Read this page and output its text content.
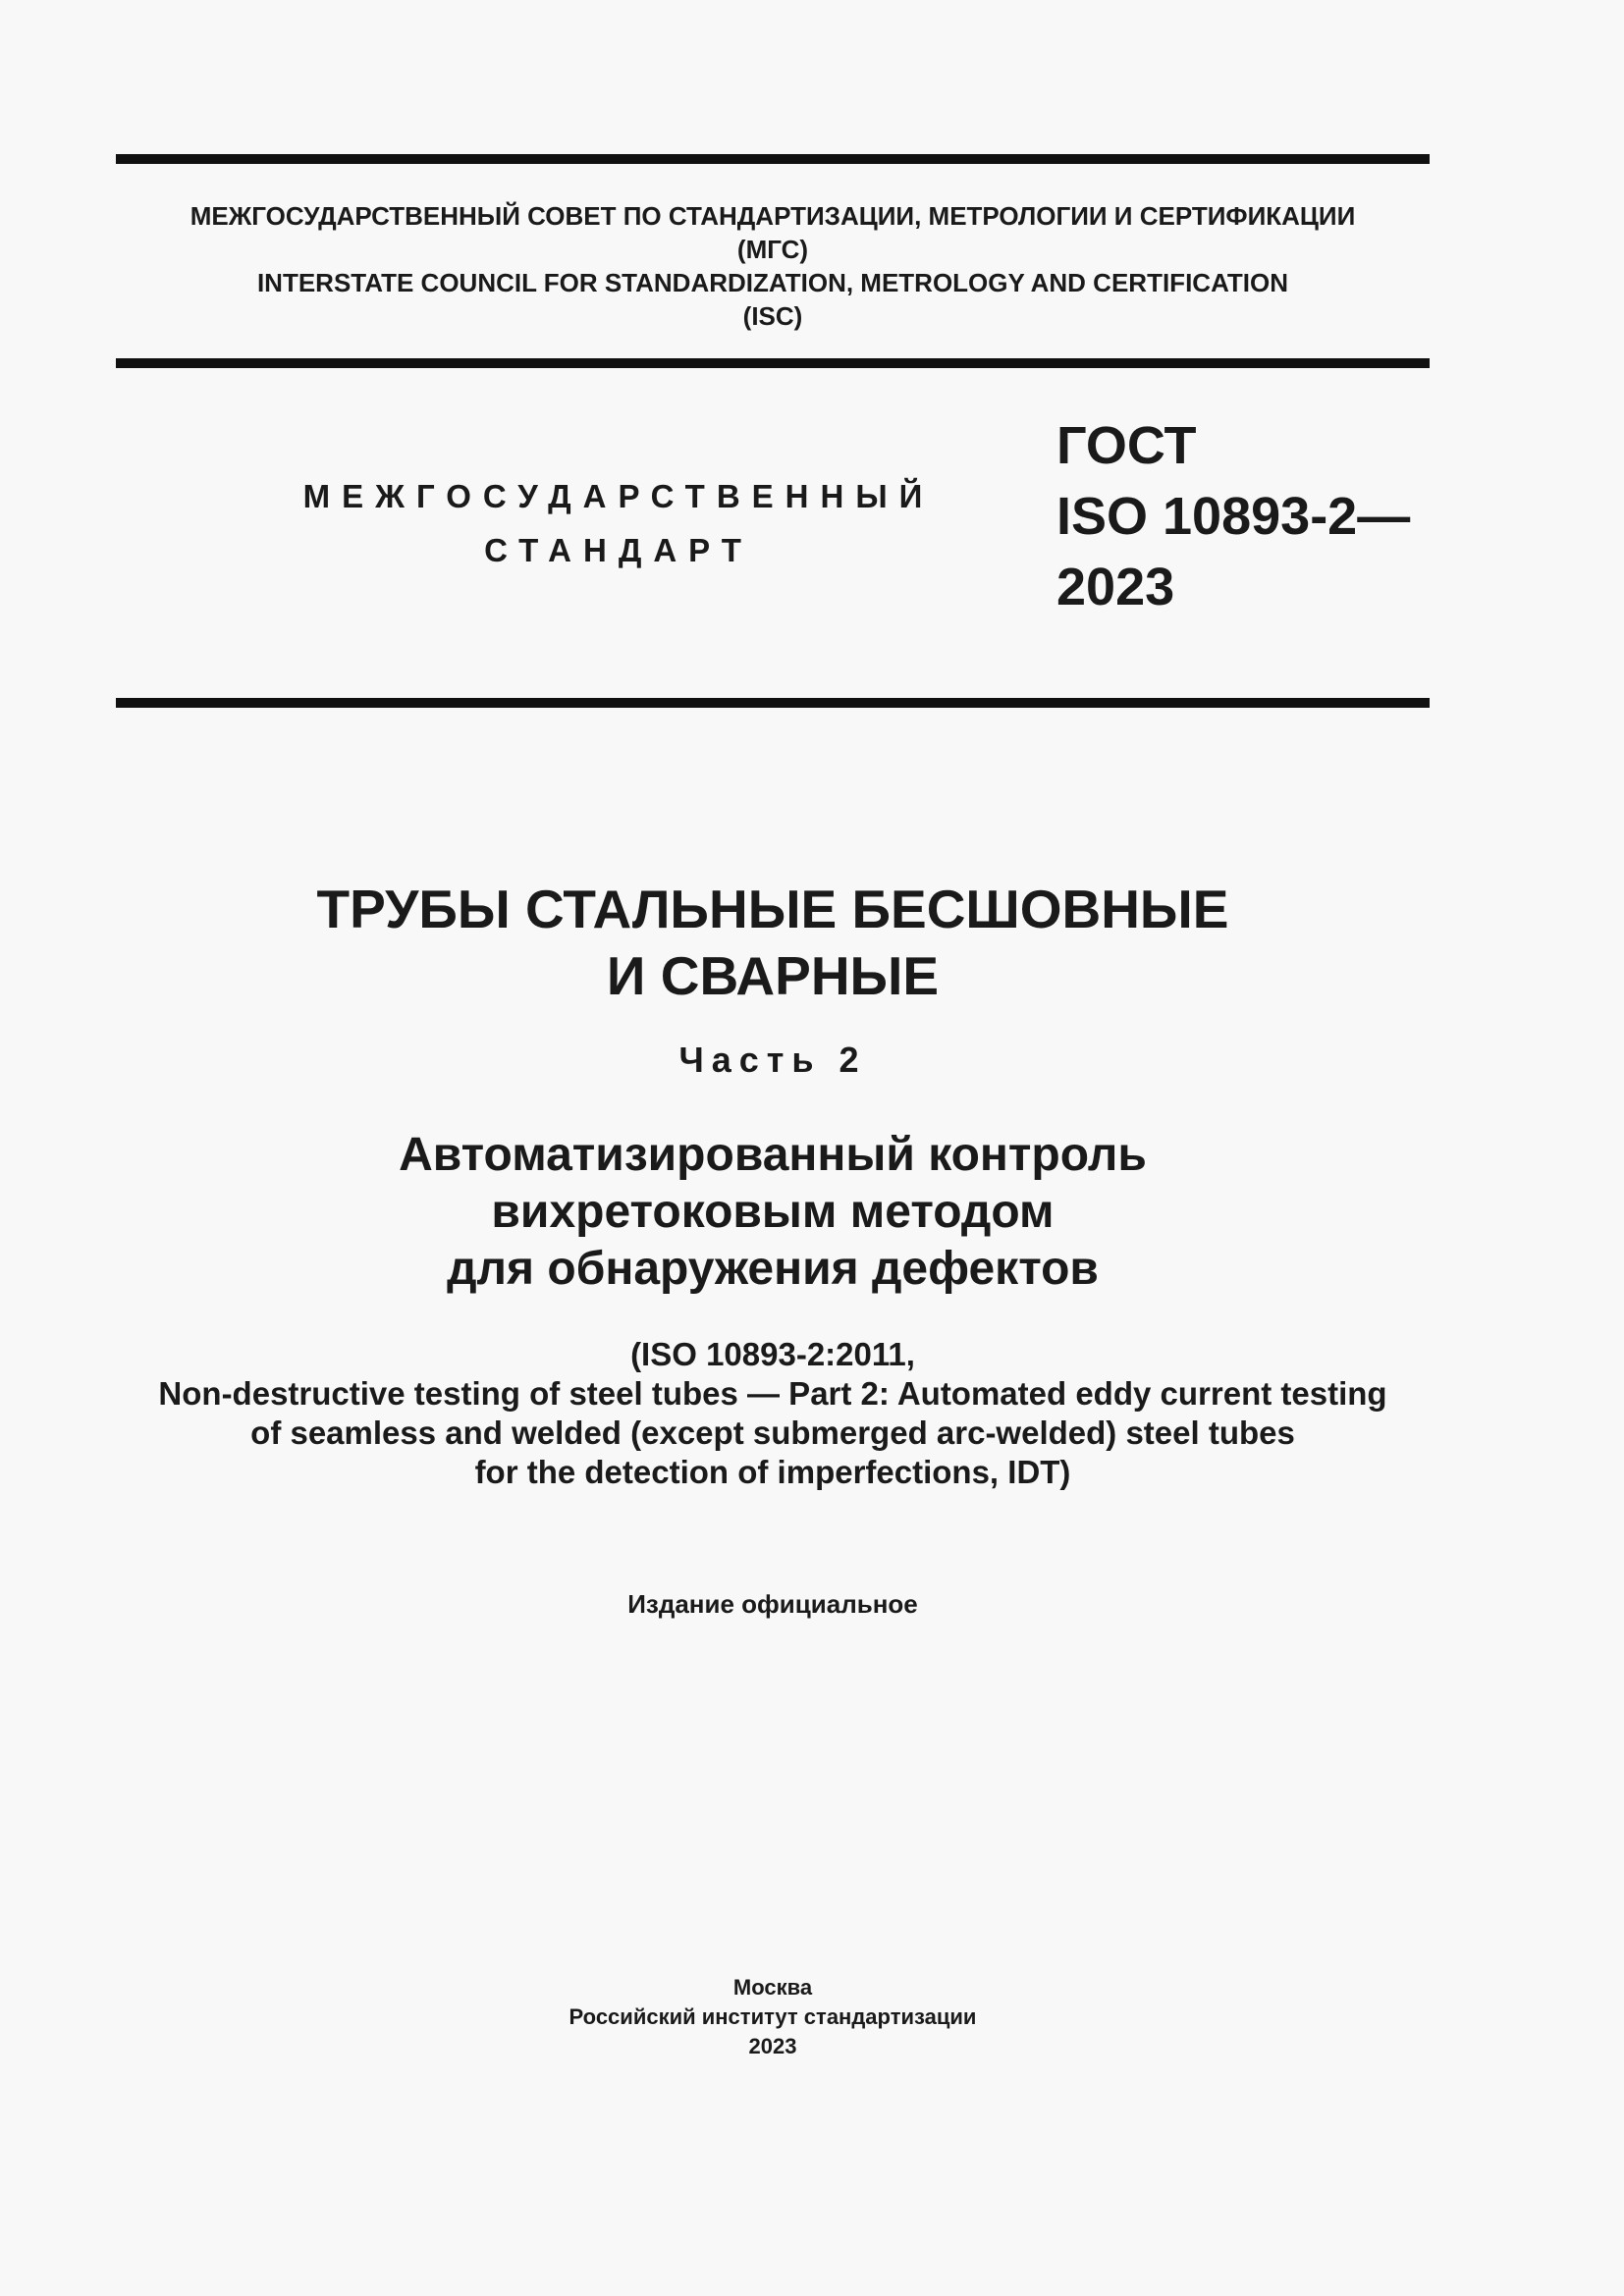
МЕЖГОСУДАРСТВЕННЫЙ СОВЕТ ПО СТАНДАРТИЗАЦИИ, МЕТРОЛОГИИ И СЕРТИФИКАЦИИ
(МГС)
INTERSTATE COUNCIL FOR STANDARDIZATION, METROLOGY AND CERTIFICATION
(ISC)
МЕЖГОСУДАРСТВЕННЫЙ
СТАНДАРТ
ГОСТ
ISO 10893-2—
2023
ТРУБЫ СТАЛЬНЫЕ БЕСШОВНЫЕ
И СВАРНЫЕ
Часть 2
Автоматизированный контроль
вихретоковым методом
для обнаружения дефектов
(ISO 10893-2:2011,
Non-destructive testing of steel tubes — Part 2: Automated eddy current testing
of seamless and welded (except submerged arc-welded) steel tubes
for the detection of imperfections, IDT)
Издание официальное
Москва
Российский институт стандартизации
2023
